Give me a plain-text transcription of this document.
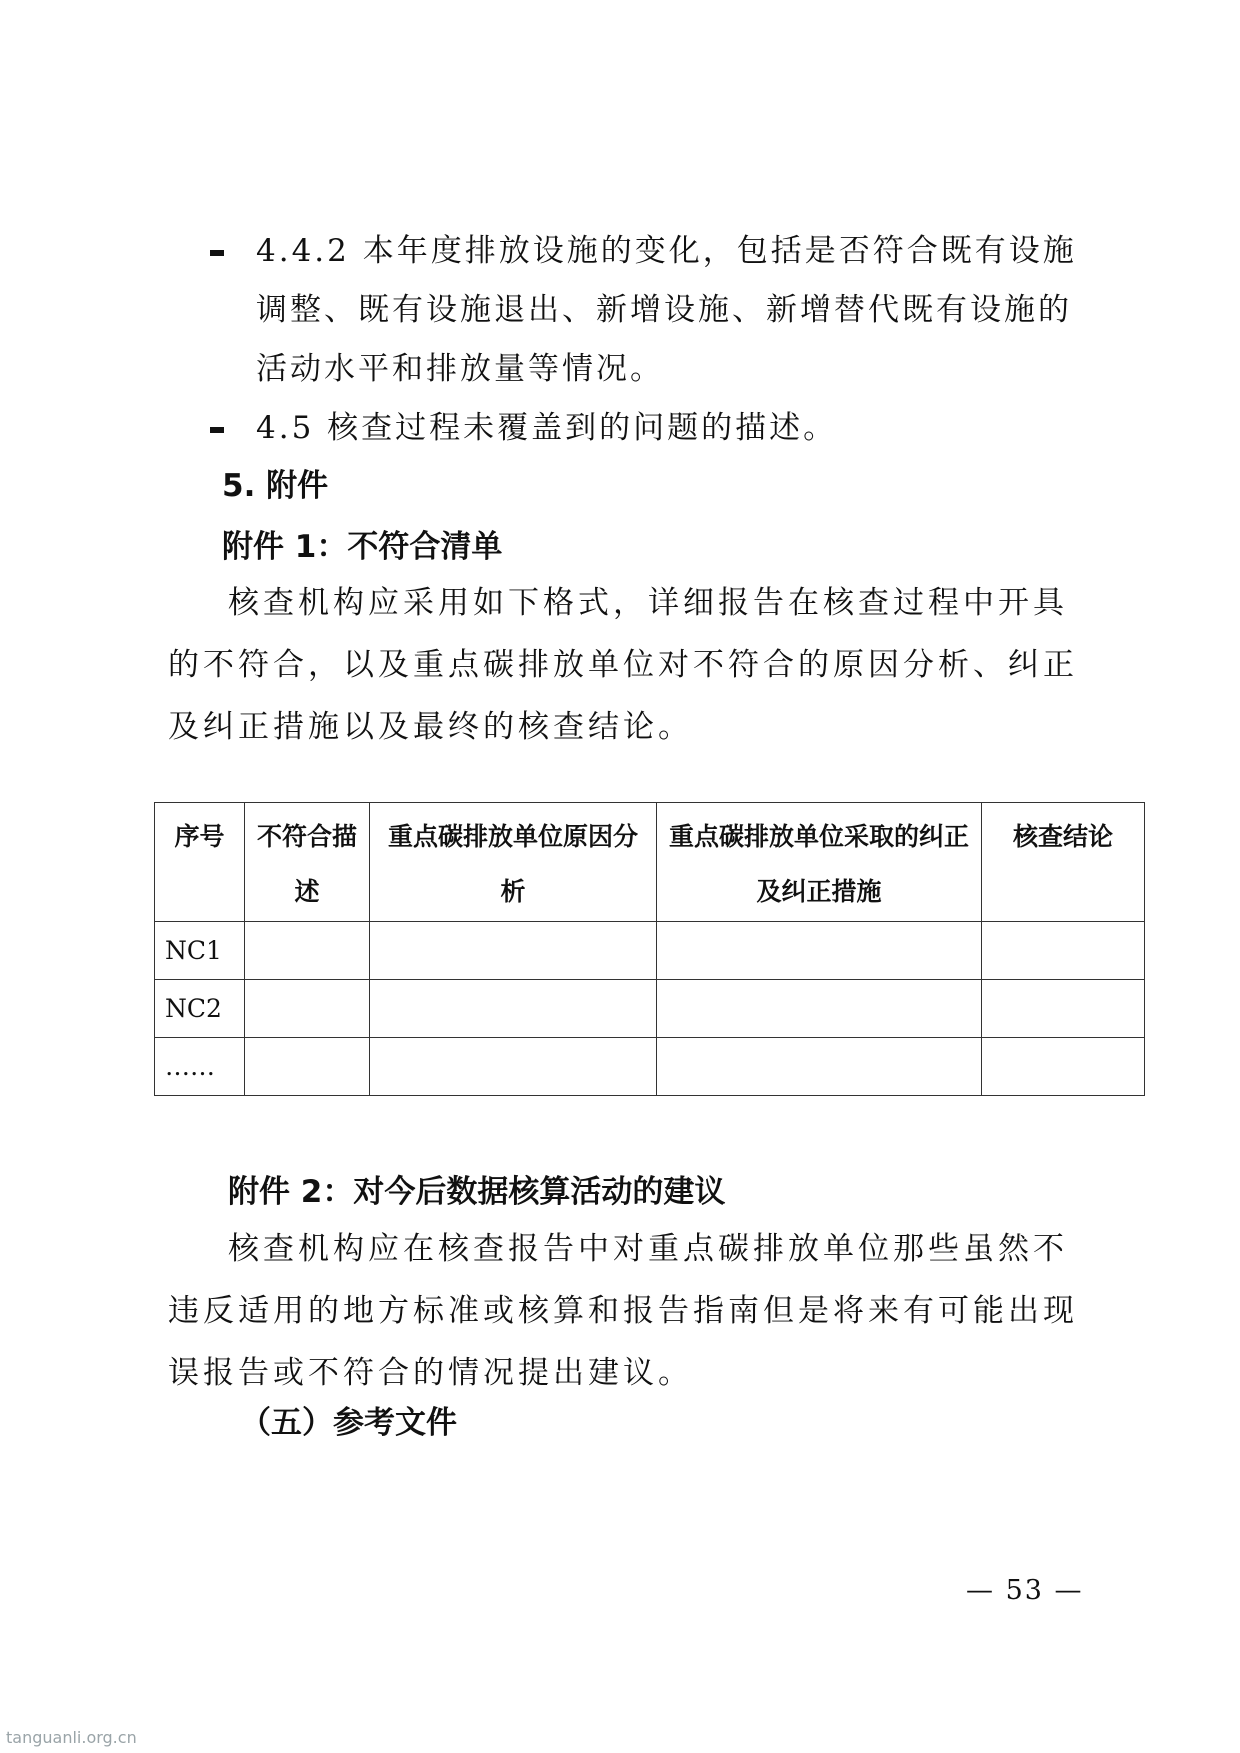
4.4.2 本年度排放设施的变化，包括是否符合既有设施调整、既有设施退出、新增设施、新增替代既有设施的活动水平和排放量等情况。
4.5 核查过程未覆盖到的问题的描述。
5. 附件
附件 1：不符合清单

核查机构应采用如下格式，详细报告在核查过程中开具的不符合，以及重点碳排放单位对不符合的原因分析、纠正及纠正措施以及最终的核查结论。

序号	不符合描述	重点碳排放单位原因分析	重点碳排放单位采取的纠正及纠正措施	核查结论
NC1				
NC2				
……				
附件 2：对今后数据核算活动的建议

核查机构应在核查报告中对重点碳排放单位那些虽然不违反适用的地方标准或核算和报告指南但是将来有可能出现误报告或不符合的情况提出建议。

（五）参考文件
— 53 —
tanguanli.org.cn
